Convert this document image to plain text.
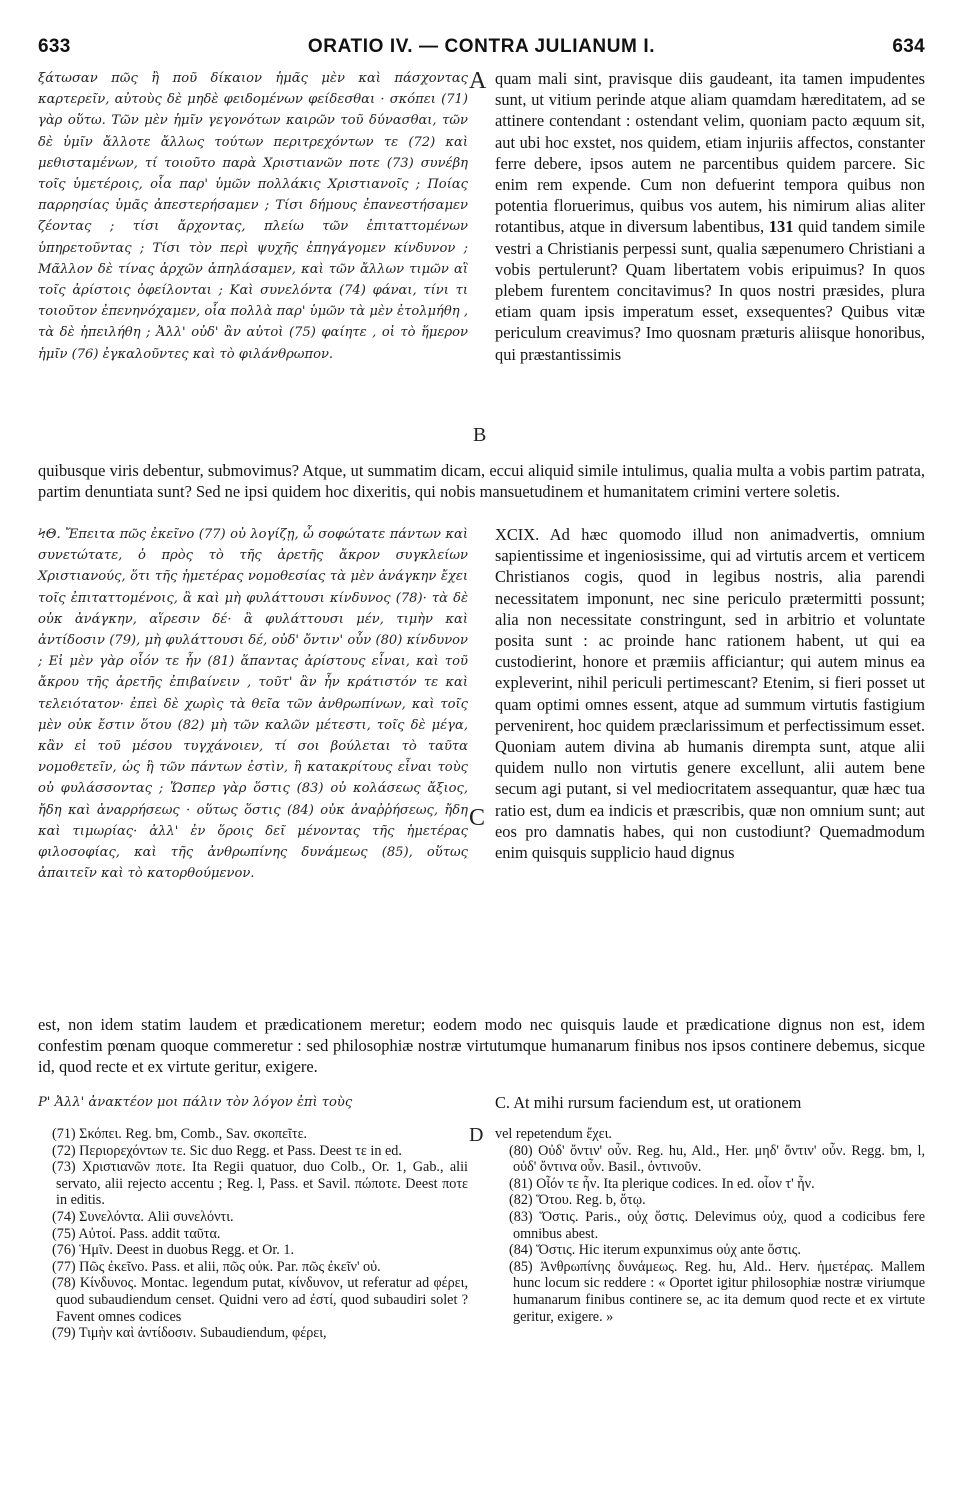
633	ORATIO IV. — CONTRA JULIANUM I.	634

ξάτωσαν πῶς ἢ ποῦ δίκαιον ἡμᾶς μὲν καὶ πάσχοντας καρτερεῖν, αὐτοὺς δὲ μηδὲ φειδομένων φείδεσθαι · σκόπει (71) γὰρ οὕτω. Τῶν μὲν ἡμῖν γεγονότων καιρῶν τοῦ δύνασθαι, τῶν δὲ ὑμῖν ἄλλοτε ἄλλως τούτων περιτρεχόντων τε (72) καὶ μεθισταμένων, τί τοιοῦτο παρὰ Χριστιανῶν ποτε (73) συνέβη τοῖς ὑμετέροις, οἷα παρ' ὑμῶν πολλάκις Χριστιανοῖς ; Ποίας παρρησίας ὑμᾶς ἀπεστερήσαμεν ; Τίσι δήμους ἐπανεστήσαμεν ζέοντας ; τίσι ἄρχοντας, πλείω τῶν ἐπιταττομένων ὑπηρετοῦντας ; Τίσι τὸν περὶ ψυχῆς ἐπηγάγομεν κίνδυνον ; Μᾶλλον δὲ τίνας ἀρχῶν ἀπηλάσαμεν, καὶ τῶν ἄλλων τιμῶν αἳ τοῖς ἀρίστοις ὀφείλονται ; Καὶ συνελόντα (74) φάναι, τίνι τι τοιοῦτον ἐπενηνόχαμεν, οἷα πολλὰ παρ' ὑμῶν τὰ μὲν ἐτολμήθη , τὰ δὲ ἠπειλήθη ; Ἀλλ' οὐδ' ἂν αὐτοὶ (75) φαίητε , οἱ τὸ ἥμερον ἡμῖν (76) ἐγκαλοῦντες καὶ τὸ φιλάνθρωπον.

A
B

quam mali sint, pravisque diis gaudeant, ita tamen impudentes sunt, ut vitium perinde atque aliam quamdam hæreditatem, ad se attinere contendant : ostendant velim, quoniam pacto æquum sit, aut ubi hoc exstet, nos quidem, etiam injuriis affectos, constanter ferre debere, ipsos autem ne parcentibus quidem parcere. Sic enim rem expende. Cum non defuerint tempora quibus non potentia floruerimus, quibus vos autem, his nimirum alias aliter rotantibus, atque in diversum labentibus, 131 quid tandem simile vestri a Christianis perpessi sunt, qualia sæpenumero Christiani a vobis pertulerunt? Quam libertatem vobis eripuimus? In quos plebem furentem concitavimus? In quos nostri præsides, plura etiam quam ipsis imperatum esset, exsequentes? Quibus vitæ periculum creavimus? Imo quosnam præturis aliisque honoribus, qui præstantissimis

quibusque viris debentur, submovimus? Atque, ut summatim dicam, eccui aliquid simile intulimus, qualia multa a vobis partim patrata, partim denuntiata sunt? Sed ne ipsi quidem hoc dixeritis, qui nobis mansuetudinem et humanitatem crimini vertere soletis.

ϞΘ. Ἔπειτα πῶς ἐκεῖνο (77) οὐ λογίζῃ, ὦ σοφώτατε πάντων καὶ συνετώτατε, ὁ πρὸς τὸ τῆς ἀρετῆς ἄκρον συγκλείων Χριστιανούς, ὅτι τῆς ἡμετέρας νομοθεσίας τὰ μὲν ἀνάγκην ἔχει τοῖς ἐπιταττομένοις, ἃ καὶ μὴ φυλάττουσι κίνδυνος (78)· τὰ δὲ οὐκ ἀνάγκην, αἵρεσιν δέ· ἃ φυλάττουσι μέν, τιμὴν καὶ ἀντίδοσιν (79), μὴ φυλάττουσι δέ, οὐδ' ὄντιν' οὖν (80) κίνδυνον ; Εἰ μὲν γὰρ οἷόν τε ἦν (81) ἅπαντας ἀρίστους εἶναι, καὶ τοῦ ἄκρου τῆς ἀρετῆς ἐπιβαίνειν , τοῦτ' ἂν ἦν κράτιστόν τε καὶ τελειότατον· ἐπεὶ δὲ χωρὶς τὰ θεῖα τῶν ἀνθρωπίνων, καὶ τοῖς μὲν οὐκ ἔστιν ὅτου (82) μὴ τῶν καλῶν μέτεστι, τοῖς δὲ μέγα, κἂν εἰ τοῦ μέσου τυγχάνοιεν, τί σοι βούλεται τὸ ταῦτα νομοθετεῖν, ὡς ἢ τῶν πάντων ἐστὶν, ἢ κατακρίτους εἶναι τοὺς οὐ φυλάσσοντας ; Ὥσπερ γὰρ ὅστις (83) οὐ κολάσεως ἄξιος, ἤδη καὶ ἀναρρήσεως · οὕτως ὅστις (84) οὐκ ἀναῤῥήσεως, ἤδη καὶ τιμωρίας· ἀλλ' ἐν ὅροις δεῖ μένοντας τῆς ἡμετέρας φιλοσοφίας, καὶ τῆς ἀνθρωπίνης δυνάμεως (85), οὕτως ἀπαιτεῖν καὶ τὸ κατορθούμενον.

C

XCIX. Ad hæc quomodo illud non animadvertis, omnium sapientissime et ingeniosissime, qui ad virtutis arcem et verticem Christianos cogis, quod in legibus nostris, alia parendi necessitatem imponunt, nec sine periculo prætermitti possunt; alia non necessitate constringunt, sed in arbitrio et voluntate posita sunt : ac proinde hanc rationem habent, ut qui ea custodierint, honore et præmiis afficiantur; qui autem minus ea expleverint, nihil periculi pertimescant? Etenim, si fieri posset ut quam optimi omnes essent, atque ad summum virtutis fastigium pervenirent, hoc quidem præclarissimum et perfectissimum esset. Quoniam autem divina ab humanis dirempta sunt, atque alii quidem nullo non virtutis genere excellunt, alii autem bene secum agi putant, si vel mediocritatem assequantur, quæ hæc tua ratio est, dum ea indicis et præscribis, quæ non omnium sunt; aut eos pro damnatis habes, qui non custodiunt? Quemadmodum enim quisquis supplicio haud dignus

est, non idem statim laudem et prædicationem meretur; eodem modo nec quisquis laude et prædicatione dignus non est, idem confestim pœnam quoque commeretur : sed philosophiæ nostræ virtutumque humanarum finibus nos ipsos continere debemus, sicque id, quod recte et ex virtute geritur, exigere.

Ρ' Ἀλλ' ἀνακτέον μοι πάλιν τὸν λόγον ἐπὶ τοὺς	C. At mihi rursum faciendum est, ut orationem

D

(71) Σκόπει. Reg. bm, Comb., Sav. σκοπεῖτε.

(72) Περιορεχόντων τε. Sic duo Regg. et Pass. Deest τε in ed.

(73) Χριστιανῶν ποτε. Ita Regii quatuor, duo Colb., Or. 1, Gab., alii servato, alii rejecto accentu ; Reg. l, Pass. et Savil. πώποτε. Deest ποτε in editis.

(74) Συνελόντα. Alii συνελόντι.

(75) Αὐτοί. Pass. addit ταῦτα.

(76) Ἡμῖν. Deest in duobus Regg. et Or. 1.

(77) Πῶς ἐκεῖνο. Pass. et alii, πῶς οὐκ. Par. πῶς ἐκεῖν' οὐ.

(78) Κίνδυνος. Montac. legendum putat, κίνδυνον, ut referatur ad φέρει, quod subaudiendum censet. Quidni vero ad ἐστί, quod subaudiri solet ? Favent omnes codices

(79) Τιμὴν καὶ ἀντίδοσιν. Subaudiendum, φέρει,

vel repetendum ἔχει.

(80) Οὐδ' ὄντιν' οὖν. Reg. hu, Ald., Her. μηδ' ὄντιν' οὖν. Regg. bm, l, οὐδ' ὄντινα οὖν. Basil., ὀντινοῦν.

(81) Οἷόν τε ἦν. Ita plerique codices. In ed. οἷον τ' ἦν.

(82) Ὅτου. Reg. b, ὅτῳ.

(83) Ὅστις. Paris., οὐχ ὅστις. Delevimus οὐχ, quod a codicibus fere omnibus abest.

(84) Ὅστις. Hic iterum expunximus οὐχ ante ὅστις.

(85) Ἀνθρωπίνης δυνάμεως. Reg. hu, Ald.. Herv. ἡμετέρας. Mallem hunc locum sic reddere : « Oportet igitur philosophiæ nostræ viriumque humanarum finibus continere se, ac ita demum quod recte et ex virtute geritur, exigere. »
